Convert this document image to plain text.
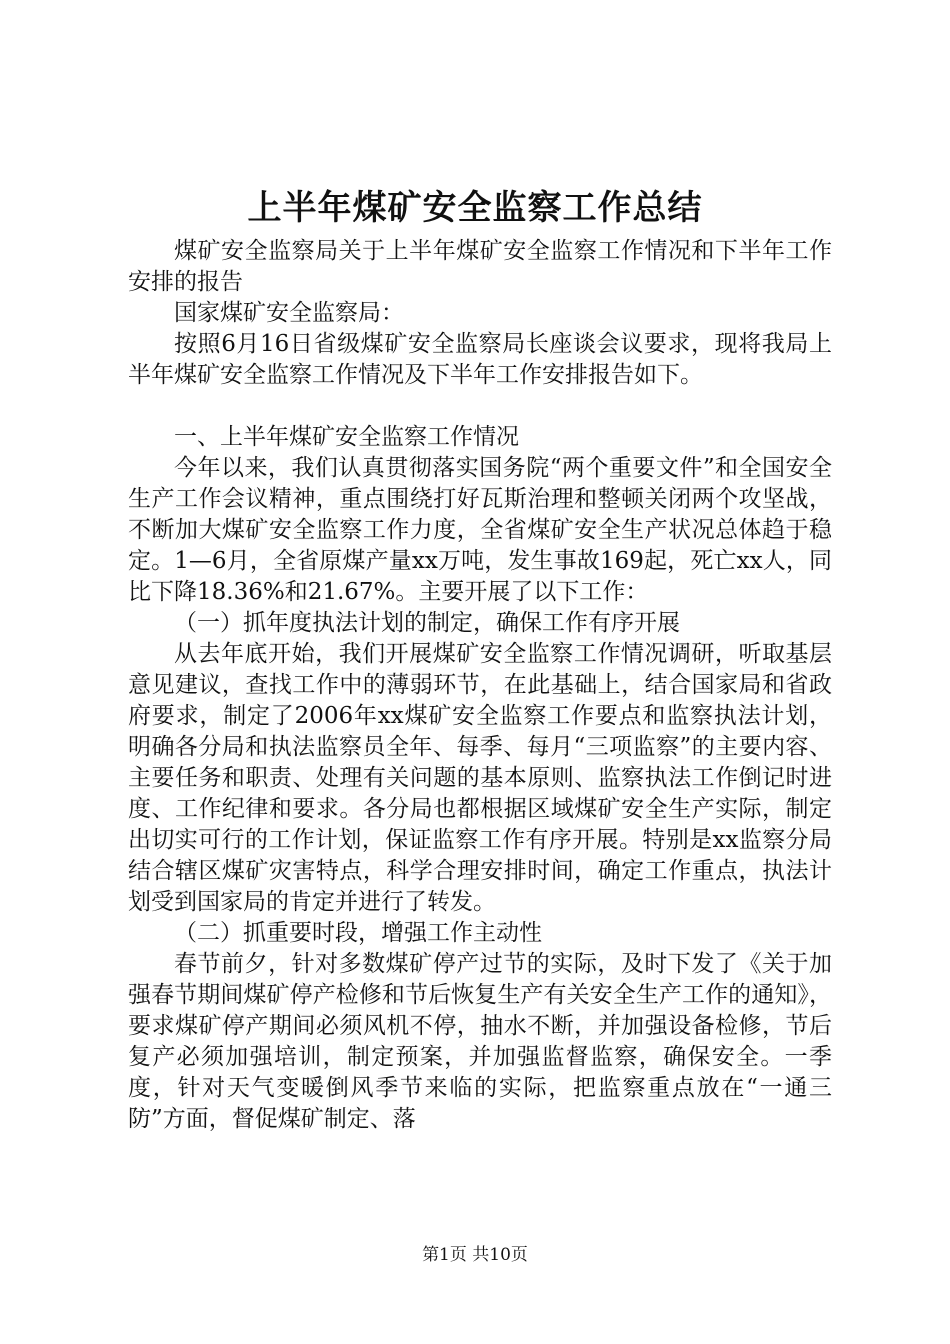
上半年煤矿安全监察工作总结

煤矿安全监察局关于上半年煤矿安全监察工作情况和下半年工作安排的报告

国家煤矿安全监察局：

按照6月16日省级煤矿安全监察局长座谈会议要求，现将我局上半年煤矿安全监察工作情况及下半年工作安排报告如下。

一、上半年煤矿安全监察工作情况

今年以来，我们认真贯彻落实国务院“两个重要文件”和全国安全生产工作会议精神，重点围绕打好瓦斯治理和整顿关闭两个攻坚战，不断加大煤矿安全监察工作力度，全省煤矿安全生产状况总体趋于稳定。1—6月，全省原煤产量xx万吨，发生事故169起，死亡xx人，同比下降18.36%和21.67%。主要开展了以下工作：

（一）抓年度执法计划的制定，确保工作有序开展

从去年底开始，我们开展煤矿安全监察工作情况调研，听取基层意见建议，查找工作中的薄弱环节，在此基础上，结合国家局和省政府要求，制定了2006年xx煤矿安全监察工作要点和监察执法计划，明确各分局和执法监察员全年、每季、每月“三项监察”的主要内容、主要任务和职责、处理有关问题的基本原则、监察执法工作倒记时进度、工作纪律和要求。各分局也都根据区域煤矿安全生产实际，制定出切实可行的工作计划，保证监察工作有序开展。特别是xx监察分局结合辖区煤矿灾害特点，科学合理安排时间，确定工作重点，执法计划受到国家局的肯定并进行了转发。

（二）抓重要时段，增强工作主动性

春节前夕，针对多数煤矿停产过节的实际，及时下发了《关于加强春节期间煤矿停产检修和节后恢复生产有关安全生产工作的通知》，要求煤矿停产期间必须风机不停，抽水不断，并加强设备检修，节后复产必须加强培训，制定预案，并加强监督监察，确保安全。一季度，针对天气变暖倒风季节来临的实际，把监察重点放在“一通三防”方面，督促煤矿制定、落

第1页 共10页
